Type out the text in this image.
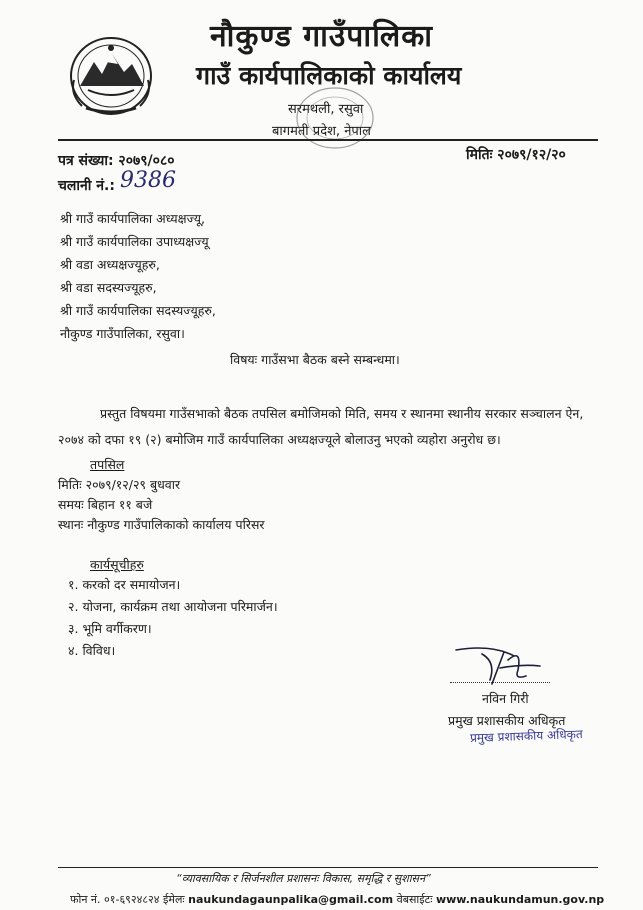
नौकुण्ड गाउँपालिका
गाउँ कार्यपालिकाको कार्यालय
सरमथली, रसुवा
बागमती प्रदेश, नेपाल
पत्र संख्या: २०७९/०८०	मितिः २०७९/१२/२०
चलानी नं.: 9386
श्री गाउँ कार्यपालिका अध्यक्षज्यू,
श्री गाउँ कार्यपालिका उपाध्यक्षज्यू
श्री वडा अध्यक्षज्यूहरु,
श्री वडा सदस्यज्यूहरु,
श्री गाउँ कार्यपालिका सदस्यज्यूहरु,
नौकुण्ड गाउँपालिका, रसुवा।
विषयः गाउँसभा बैठक बस्ने सम्बन्धमा।
प्रस्तुत विषयमा गाउँसभाको बैठक तपसिल बमोजिमको मिति, समय र स्थानमा स्थानीय सरकार सञ्चालन ऐन, २०७४ को दफा १९ (२) बमोजिम गाउँ कार्यपालिका अध्यक्षज्यूले बोलाउनु भएको व्यहोरा अनुरोध छ।
तपसिल
मितिः २०७९/१२/२९ बुधवार
समयः बिहान ११ बजे
स्थानः नौकुण्ड गाउँपालिकाको कार्यालय परिसर
कार्यसूचीहरु
१. करको दर समायोजन।
२. योजना, कार्यक्रम तथा आयोजना परिमार्जन।
३. भूमि वर्गीकरण।
४. विविध।
नविन गिरी
प्रमुख प्रशासकीय अधिकृत
प्रमुख प्रशासकीय अधिकृत
“व्यावसायिक र सिर्जनशील प्रशासनः विकास, समृद्धि र सुशासन”
फोन नं. ०१-६९२४८२४ ईमेलः naukundagaunpalika@gmail.com वेबसाईटः www.naukundamun.gov.np
